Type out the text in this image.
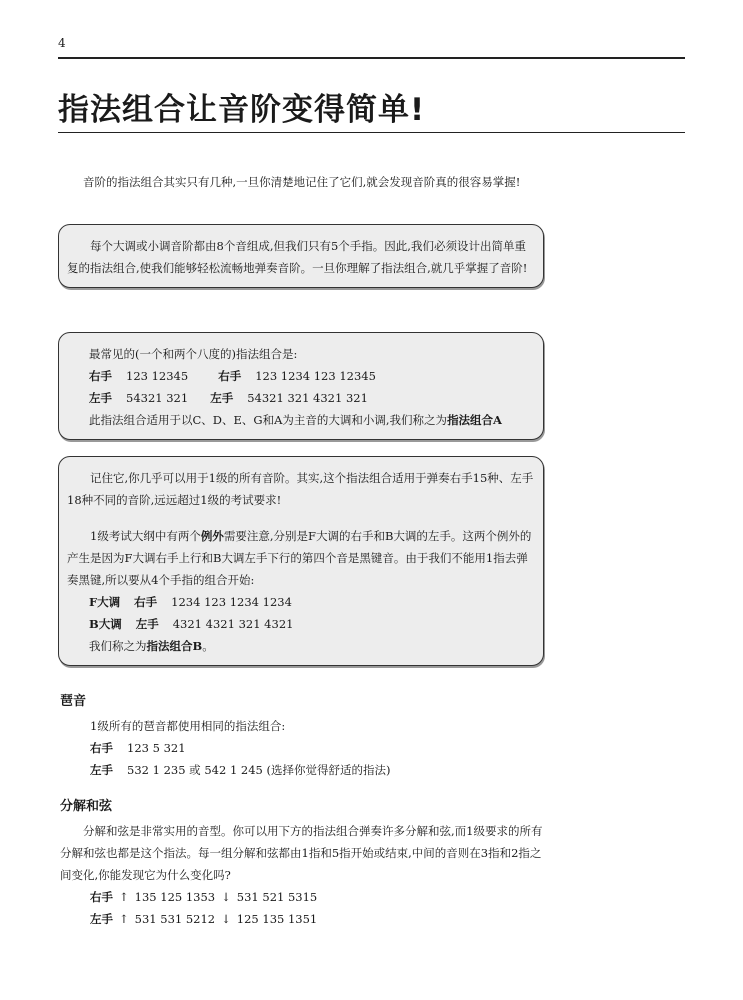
4
指法组合让音阶变得简单!

音阶的指法组合其实只有几种,一旦你清楚地记住了它们,就会发现音阶真的很容易掌握!

每个大调或小调音阶都由8个音组成,但我们只有5个手指。因此,我们必须设计出简单重复的指法组合,使我们能够轻松流畅地弹奏音阶。一旦你理解了指法组合,就几乎掌握了音阶!

最常见的(一个和两个八度的)指法组合是:
右手 123 12345	右手 123 1234 123 12345
左手 54321 321 左手 54321 321 4321 321
此指法组合适用于以C、D、E、G和A为主音的大调和小调,我们称之为指法组合A

记住它,你几乎可以用于1级的所有音阶。其实,这个指法组合适用于弹奏右手15种、左手18种不同的音阶,远远超过1级的考试要求!

1级考试大纲中有两个例外需要注意,分别是F大调的右手和B大调的左手。这两个例外的产生是因为F大调右手上行和B大调左手下行的第四个音是黑键音。由于我们不能用1指去弹奏黑键,所以要从4个手指的组合开始:

F大调 右手 1234 123 1234 1234
B大调 左手 4321 4321 321 4321
我们称之为指法组合B。
琶音

1级所有的琶音都使用相同的指法组合:

右手 123 5 321
左手 532 1 235 或 542 1 245 (选择你觉得舒适的指法)
分解和弦

分解和弦是非常实用的音型。你可以用下方的指法组合弹奏许多分解和弦,而1级要求的所有分解和弦也都是这个指法。每一组分解和弦都由1指和5指开始或结束,中间的音则在3指和2指之间变化,你能发现它为什么变化吗?

右手 ↑ 135 125 1353 ↓ 531 521 5315
左手 ↑ 531 531 5212 ↓ 125 135 1351
